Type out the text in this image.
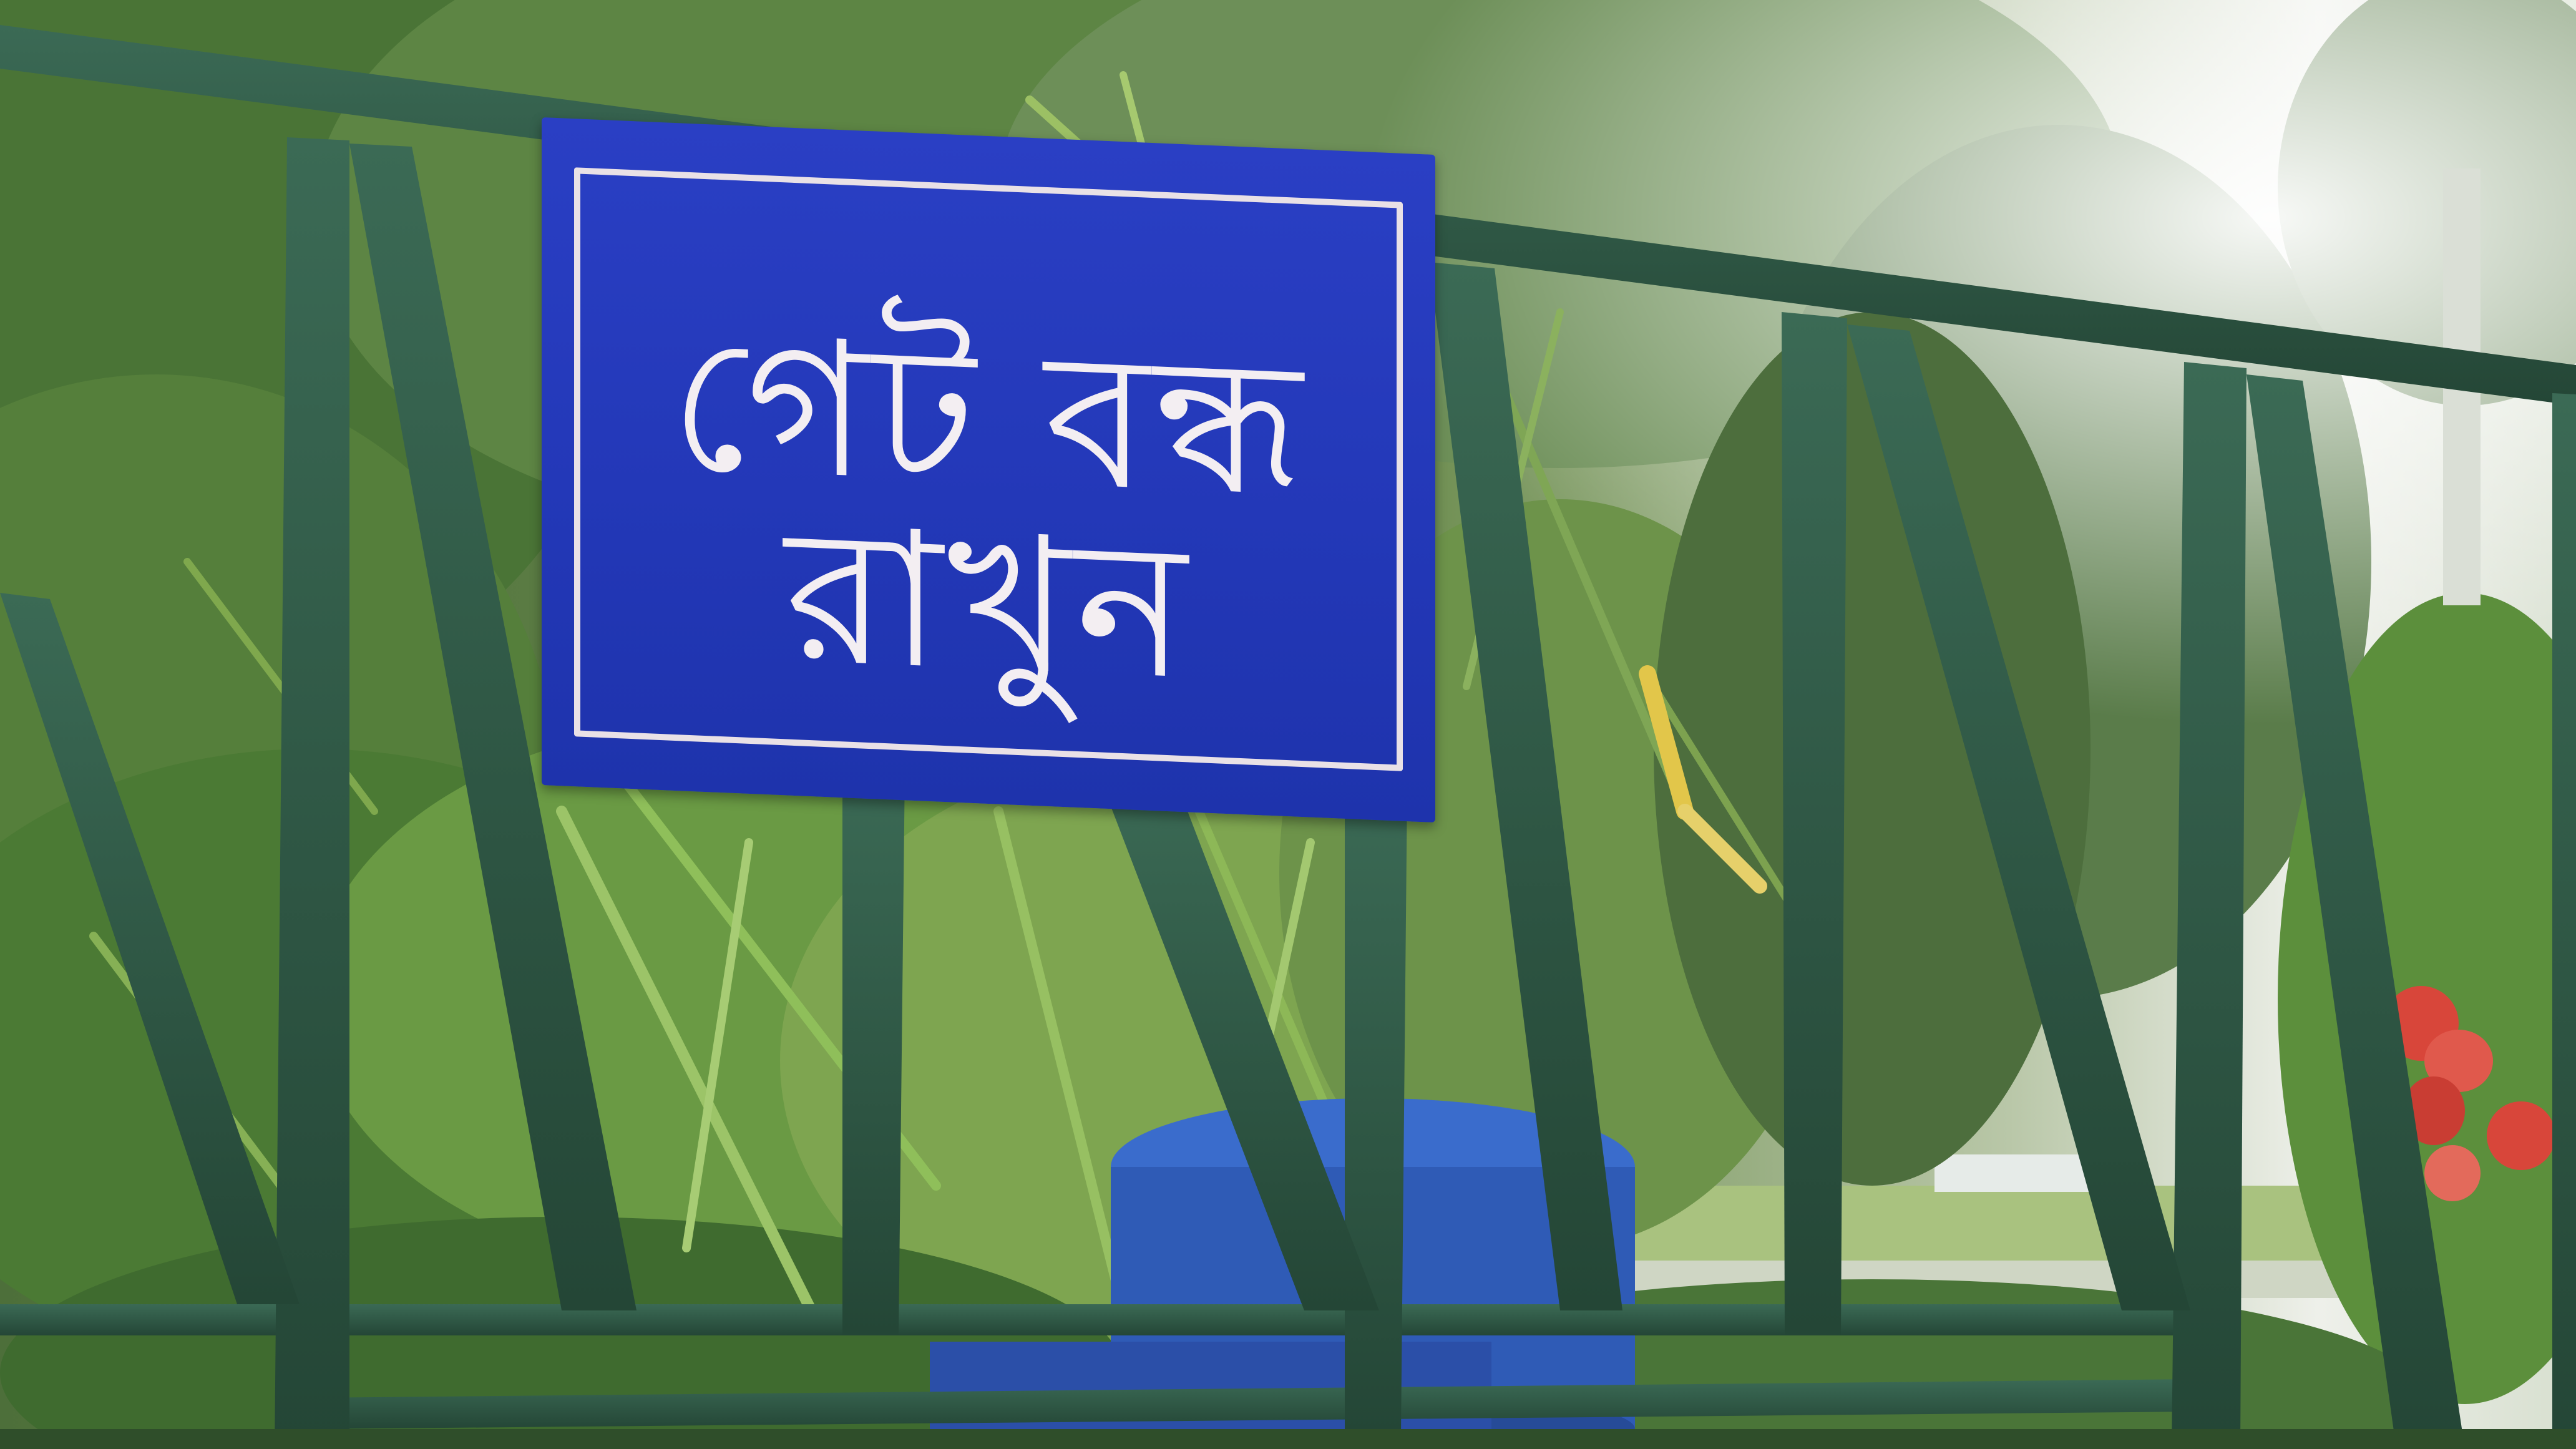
গেট বন্ধ রাখুন
